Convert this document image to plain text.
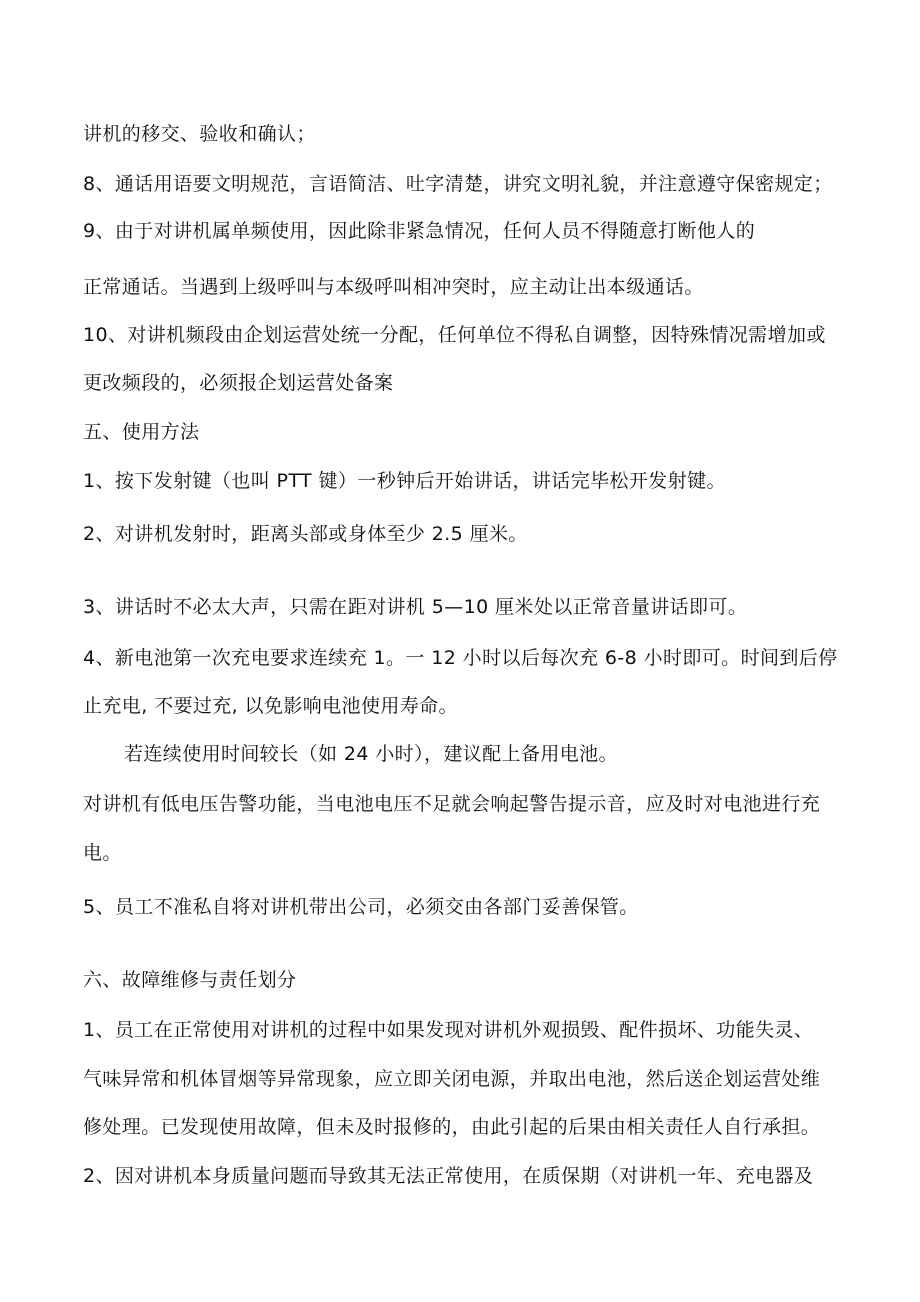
讲机的移交、验收和确认；
8、通话用语要文明规范，言语简洁、吐字清楚，讲究文明礼貌，并注意遵守保密规定；
9、由于对讲机属单频使用，因此除非紧急情况，任何人员不得随意打断他人的
正常通话。当遇到上级呼叫与本级呼叫相冲突时，应主动让出本级通话。
10、对讲机频段由企划运营处统一分配，任何单位不得私自调整，因特殊情况需增加或
更改频段的，必须报企划运营处备案
五、使用方法
1、按下发射键（也叫 PTT 键）一秒钟后开始讲话，讲话完毕松开发射键。
2、对讲机发射时，距离头部或身体至少 2.5 厘米。
3、讲话时不必太大声，只需在距对讲机 5—10 厘米处以正常音量讲话即可。
4、新电池第一次充电要求连续充 1。一 12 小时以后每次充 6-8 小时即可。时间到后停
止充电, 不要过充, 以免影响电池使用寿命。
若连续使用时间较长（如 24 小时），建议配上备用电池。
对讲机有低电压告警功能，当电池电压不足就会响起警告提示音，应及时对电池进行充
电。
5、员工不准私自将对讲机带出公司，必须交由各部门妥善保管。
六、故障维修与责任划分
1、员工在正常使用对讲机的过程中如果发现对讲机外观损毁、配件损坏、功能失灵、
气味异常和机体冒烟等异常现象，应立即关闭电源，并取出电池，然后送企划运营处维
修处理。已发现使用故障，但未及时报修的，由此引起的后果由相关责任人自行承担。
2、因对讲机本身质量问题而导致其无法正常使用，在质保期（对讲机一年、充电器及
